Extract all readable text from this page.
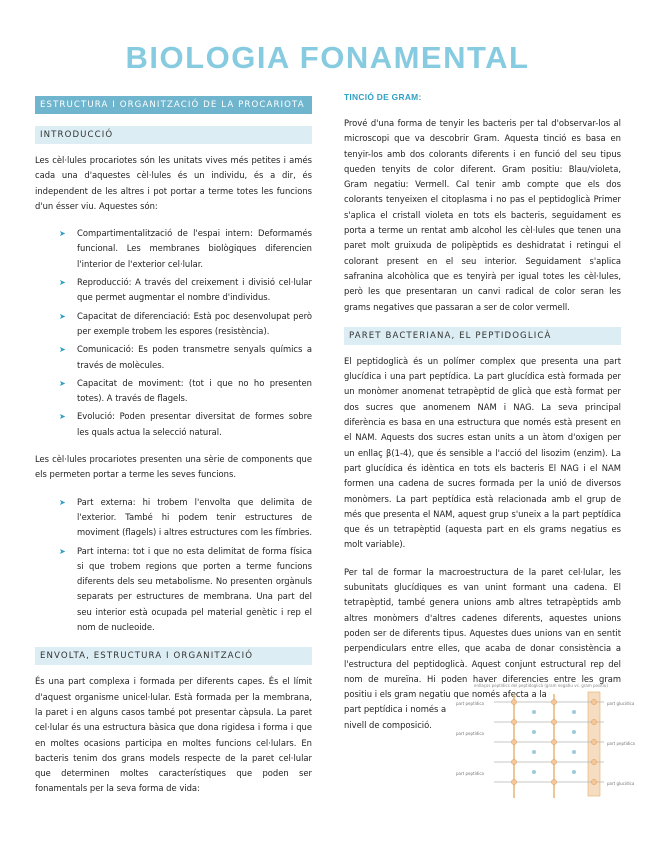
BIOLOGIA FONAMENTAL
ESTRUCTURA I ORGANITZACIÓ DE LA PROCARIOTA
INTRODUCCIÓ

Les cèl·lules procariotes són les unitats vives més petites i amés cada una d'aquestes cèl·lules és un individu, és a dir, és independent de les altres i pot portar a terme totes les funcions d'un ésser viu. Aquestes són:

➤ Compartimentalització de l'espai intern: Deformamés funcional. Les membranes biològiques diferencien l'interior de l'exterior cel·lular.
➤ Reproducció: A través del creixement i divisió cel·lular que permet augmentar el nombre d'individus.
➤ Capacitat de diferenciació: Està poc desenvolupat però per exemple trobem les espores (resistència).
➤ Comunicació: Es poden transmetre senyals químics a través de molècules.
➤ Capacitat de moviment: (tot i que no ho presenten totes). A través de flagels.
➤ Evolució: Poden presentar diversitat de formes sobre les quals actua la selecció natural.

Les cèl·lules procariotes presenten una sèrie de components que els permeten portar a terme les seves funcions.

➤ Part externa: hi trobem l'envolta que delimita de l'exterior. També hi podem tenir estructures de moviment (flagels) i altres estructures com les fímbries.
➤ Part interna: tot i que no esta delimitat de forma física si que trobem regions que porten a terme funcions diferents dels seu metabolisme. No presenten orgànuls separats per estructures de membrana. Una part del seu interior està ocupada pel material genètic i rep el nom de nucleoide.
ENVOLTA, ESTRUCTURA I ORGANITZACIÓ

És una part complexa i formada per diferents capes. És el límit d'aquest organisme unicel·lular. Està formada per la membrana, la paret i en alguns casos també pot presentar càpsula. La paret cel·lular és una estructura bàsica que dona rigidesa i forma i que en moltes ocasions participa en moltes funcions cel·lulars. En bacteris tenim dos grans models respecte de la paret cel·lular que determinen moltes característiques que poden ser fonamentals per la seva forma de vida:

TINCIÓ DE GRAM:

Prové d'una forma de tenyir les bacteris per tal d'observar-los al microscopi que va descobrir Gram. Aquesta tinció es basa en tenyir-los amb dos colorants diferents i en funció del seu tipus queden tenyits de color diferent. Gram positiu: Blau/violeta, Gram negatiu: Vermell. Cal tenir amb compte que els dos colorants tenyeixen el citoplasma i no pas el peptidoglicà Primer s'aplica el cristall violeta en tots els bacteris, seguidament es porta a terme un rentat amb alcohol les cèl·lules que tenen una paret molt gruixuda de polipèptids es deshidratat i retingui el colorant present en el seu interior. Seguidament s'aplica safranina alcohòlica que es tenyirà per igual totes les cèl·lules, però les que presentaran un canvi radical de color seran les grams negatives que passaran a ser de color vermell.

PARET BACTERIANA, EL PEPTIDOGLICÀ

El peptidoglicà és un polímer complex que presenta una part glucídica i una part peptídica. La part glucídica està formada per un monòmer anomenat tetrapèptid de glicà que està format per dos sucres que anomenem NAM i NAG. La seva principal diferència es basa en una estructura que només està present en el NAM. Aquests dos sucres estan units a un àtom d'oxigen per un enllaç β(1-4), que és sensible a l'acció del lisozim (enzim). La part glucídica és idèntica en tots els bacteris El NAG i el NAM formen una cadena de sucres formada per la unió de diversos monòmers. La part peptídica està relacionada amb el grup de més que presenta el NAM, aquest grup s'uneix a la part peptídica que és un tetrapèptid (aquesta part en els grams negatius es molt variable).

Per tal de formar la macroestructura de la paret cel·lular, les subunitats glucídiques es van unint formant una cadena. El tetrapèptid, també genera unions amb altres tetrapèptids amb altres monòmers d'altres cadenes diferents, aquestes unions poden ser de diferents tipus. Aquestes dues unions van en sentit perpendiculars entre elles, que acaba de donar consistència a l'estructura del peptidoglicà. Aquest conjunt estructural rep del nom de mureïna. Hi poden haver diferencies entre les gram positiu i els gram negatiu que només afecta a la

part peptídica i només a
nivell de composició.
enllaços peptídics del peptidoglicà (gram negatiu vs. gram positiu)
part peptídica
part peptídica
part peptídica
part glucídica
part peptídica
part glucídica
